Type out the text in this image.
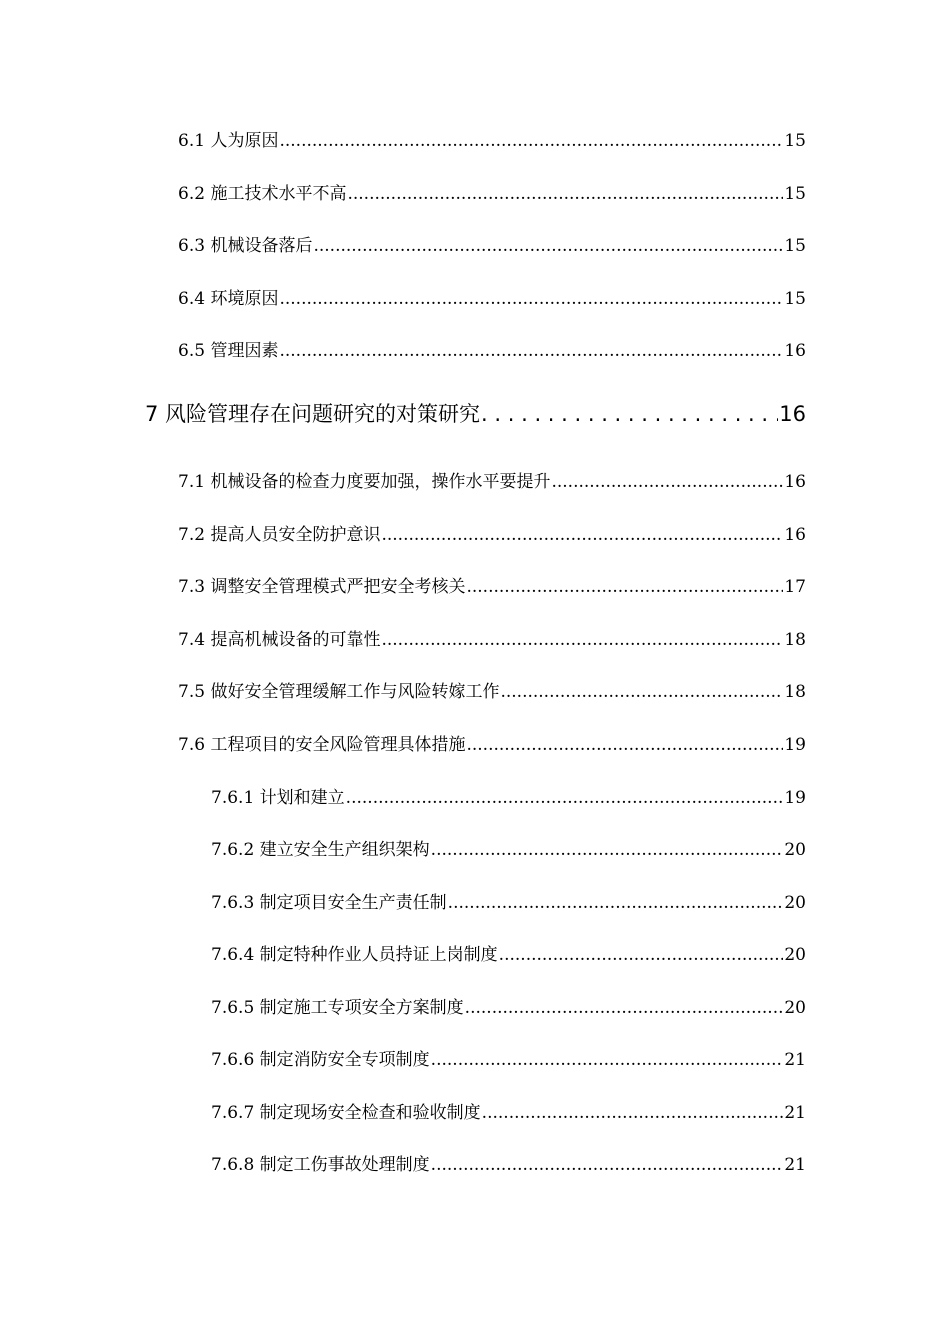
6.1 人为原因 .....	15
6.2 施工技术水平不高 .....	15
6.3 机械设备落后 .....	15
6.4 环境原因 .....	15
6.5 管理因素 .....	16
7 风险管理存在问题研究的对策研究 . . .	16
7.1 机械设备的检查力度要加强，操作水平要提升 .....	16
7.2 提高人员安全防护意识 .....	16
7.3 调整安全管理模式严把安全考核关 .....	17
7.4 提高机械设备的可靠性 .....	18
7.5 做好安全管理缓解工作与风险转嫁工作 .....	18
7.6 工程项目的安全风险管理具体措施 .....	19
7.6.1 计划和建立 .....	19
7.6.2 建立安全生产组织架构 .....	20
7.6.3 制定项目安全生产责任制 .....	20
7.6.4 制定特种作业人员持证上岗制度 .....	20
7.6.5 制定施工专项安全方案制度 .....	20
7.6.6 制定消防安全专项制度 .....	21
7.6.7 制定现场安全检查和验收制度 .....	21
7.6.8 制定工伤事故处理制度 .....	21
